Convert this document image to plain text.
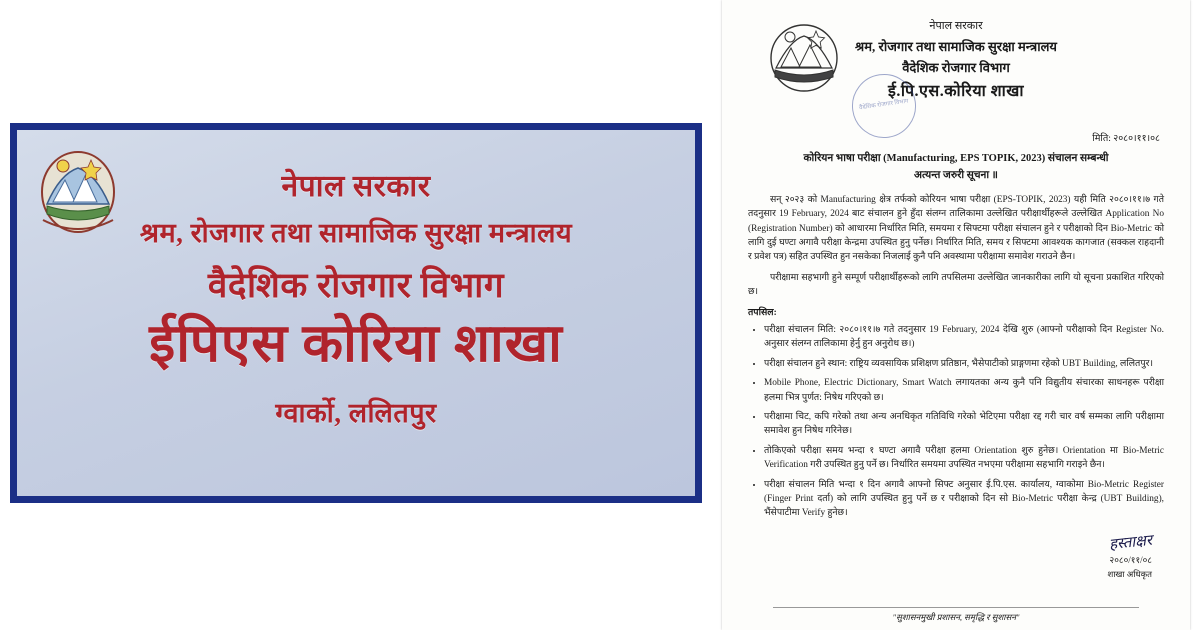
नेपाल सरकार
श्रम, रोजगार तथा सामाजिक सुरक्षा मन्त्रालय
वैदेशिक रोजगार विभाग
ईपिएस कोरिया शाखा
ग्वार्को, ललितपुर
वैदेशिक रोजगार विभाग
नेपाल सरकार
श्रम, रोजगार तथा सामाजिक सुरक्षा मन्त्रालय
वैदेशिक रोजगार विभाग
ई.पि.एस.कोरिया शाखा
मिति: २०८०।११।०८
कोरियन भाषा परीक्षा (Manufacturing, EPS TOPIK, 2023) संचालन सम्बन्धी
अत्यन्त जरुरी सूचना ॥

सन् २०२३ को Manufacturing क्षेत्र तर्फको कोरियन भाषा परीक्षा (EPS-TOPIK, 2023) यही मिति २०८०।११।७ गते तदनुसार 19 February, 2024 बाट संचालन हुने हुँदा संलग्न तालिकामा उल्लेखित परीक्षार्थीहरूले उल्लेखित Application No (Registration Number) को आधारमा निर्धारित मिति, समयमा र सिफ्टमा परीक्षा संचालन हुने र परीक्षाको दिन Bio-Metric को लागि दुई घण्टा अगावै परीक्षा केन्द्रमा उपस्थित हुनु पर्नेछ। निर्धारित मिति, समय र सिफ्टमा आवश्यक कागजात (सक्कल राहदानी र प्रवेश पत्र) सहित उपस्थित हुन नसकेका निजलाई कुनै पनि अवस्थामा परीक्षामा समावेश गराउने छैन।

परीक्षामा सहभागी हुने सम्पूर्ण परीक्षार्थीहरूको लागि तपसिलमा उल्लेखित जानकारीका लागि यो सूचना प्रकाशित गरिएको छ।

तपसिल:
• परीक्षा संचालन मिति: २०८०।११।७ गते तदनुसार 19 February, 2024 देखि शुरु (आफ्नो परीक्षाको दिन Register No. अनुसार संलग्न तालिकामा हेर्नु हुन अनुरोध छ।)
• परीक्षा संचालन हुने स्थान: राष्ट्रिय व्यवसायिक प्रशिक्षण प्रतिष्ठान, भैसेपाटीको प्राङ्गणमा रहेको UBT Building, ललितपुर।
• Mobile Phone, Electric Dictionary, Smart Watch लगायतका अन्य कुनै पनि विद्युतीय संचारका साधनहरू परीक्षा हलमा भित्र पुर्णत: निषेध गरिएको छ।
• परीक्षामा चिट, कपि गरेको तथा अन्य अनधिकृत गतिविधि गरेको भेटिएमा परीक्षा रद्द गरी चार वर्ष सम्मका लागि परीक्षामा समावेश हुन निषेध गरिनेछ।
• तोकिएको परीक्षा समय भन्दा १ घण्टा अगावै परीक्षा हलमा Orientation शुरु हुनेछ। Orientation मा Bio-Metric Verification गरी उपस्थित हुनु पर्ने छ। निर्धारित समयमा उपस्थित नभएमा परीक्षामा सहभागि गराइने छैन।
• परीक्षा संचालन मिति भन्दा १ दिन अगावै आफ्नो सिफ्ट अनुसार ई.पि.एस. कार्यालय, ग्वाकोमा Bio-Metric Register (Finger Print दर्ता) को लागि उपस्थित हुनु पर्ने छ र परीक्षाको दिन सो Bio-Metric परीक्षा केन्द्र (UBT Building), भैंसेपाटीमा Verify हुनेछ।
हस्ताक्षर
२०८०/११/०८
शाखा अधिकृत
"सुशासनमुखी प्रशासन, समृद्धि र सुशासन"
